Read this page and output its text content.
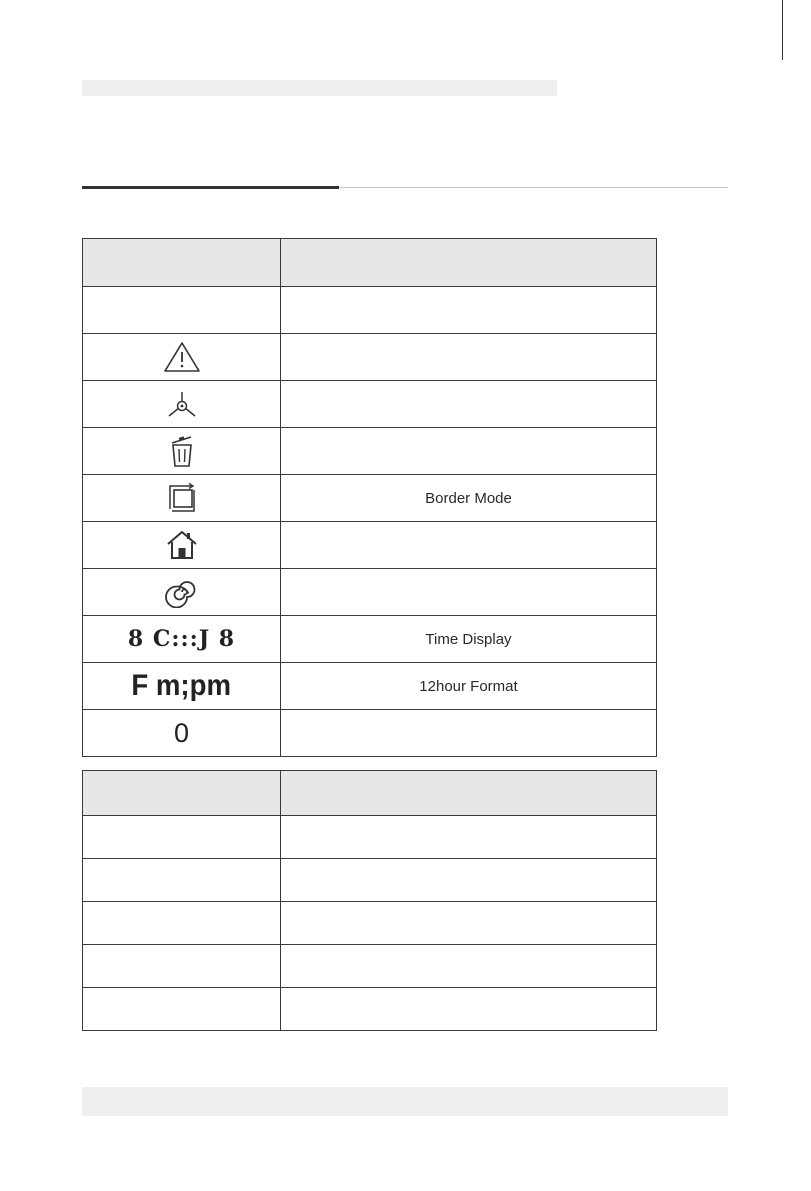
	Border Mode

8 C:::J 8	Time Display
F m;pm	12hour Format
0	
